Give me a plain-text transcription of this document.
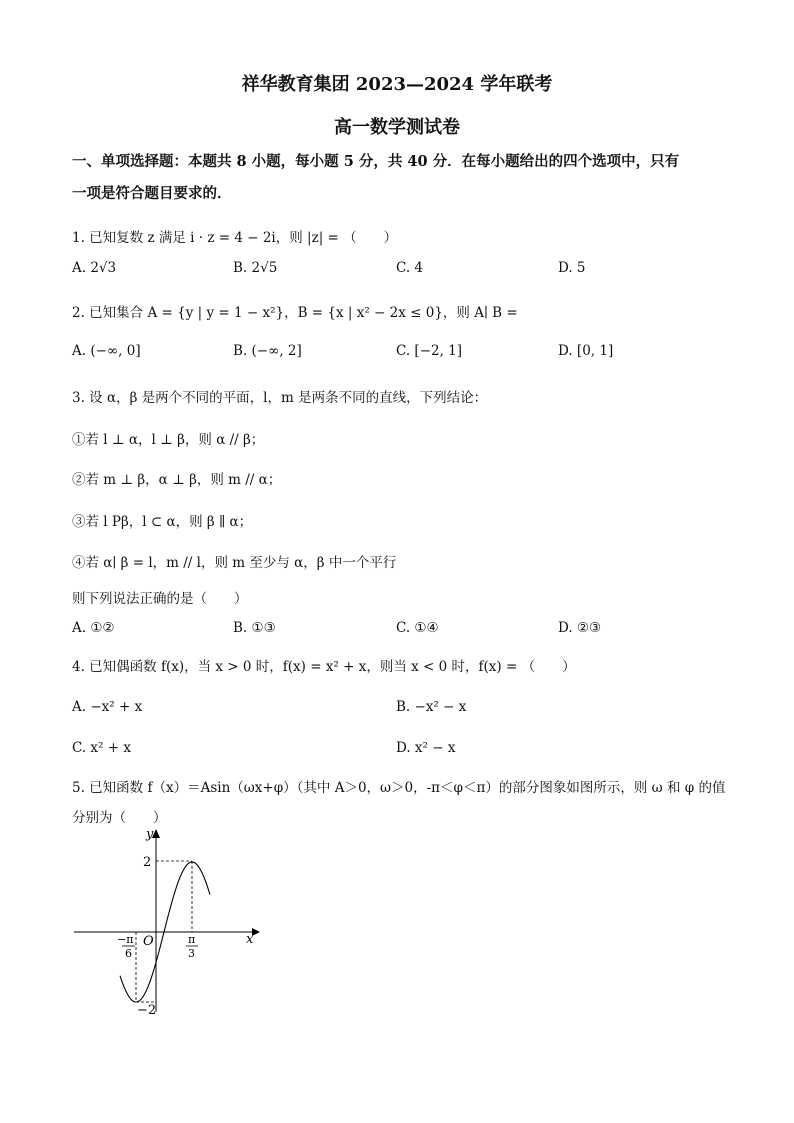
祥华教育集团 2023—2024 学年联考
高一数学测试卷
一、单项选择题：本题共 8 小题，每小题 5 分，共 40 分．在每小题给出的四个选项中，只有
一项是符合题目要求的．
1. 已知复数 z 满足 i · z = 4 − 2i，则 |z| = （　　）
A. 2√3	B. 2√5	C. 4	D. 5
2. 已知集合 A = {y | y = 1 − x²}，B = {x | x² − 2x ≤ 0}，则 A∣ B =
A. (−∞, 0]	B. (−∞, 2]	C. [−2, 1]	D. [0, 1]
3. 设 α，β 是两个不同的平面，l，m 是两条不同的直线，下列结论：
①若 l ⊥ α，l ⊥ β，则 α // β；
②若 m ⊥ β，α ⊥ β，则 m // α；
③若 l Pβ，l ⊂ α，则 β ∥ α；
④若 α∣ β = l，m // l，则 m 至少与 α，β 中一个平行
则下列说法正确的是（　　）
A. ①②	B. ①③	C. ①④	D. ②③
4. 已知偶函数 f(x)，当 x > 0 时，f(x) = x² + x，则当 x < 0 时，f(x) = （　　）
A. −x² + x	B. −x² − x
C. x² + x	D. x² − x
5. 已知函数 f（x）＝Asin（ωx+φ）（其中 A＞0，ω＞0，-π＜φ＜π）的部分图象如图所示，则 ω 和 φ 的值
分别为（　　）
y
x
O
2
−2
−π
6
π
3
